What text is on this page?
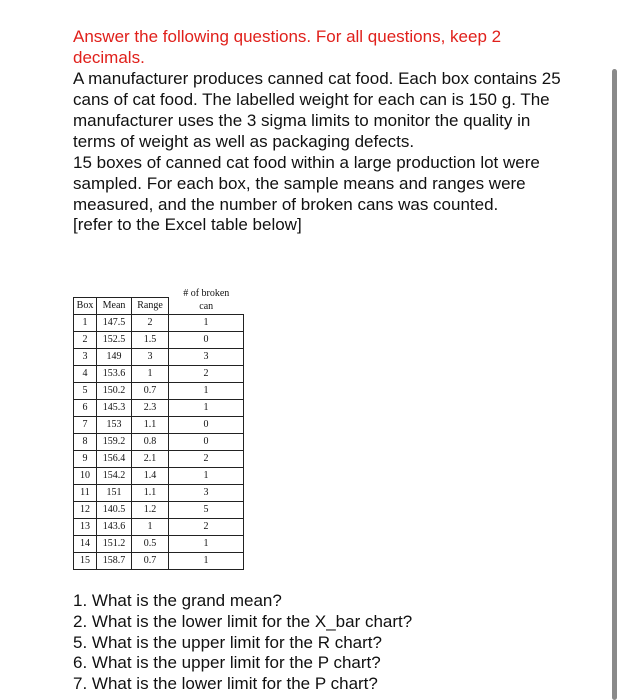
Answer the following questions. For all questions, keep 2 decimals.

A manufacturer produces canned cat food. Each box contains 25 cans of cat food. The labelled weight for each can is 150 g. The manufacturer uses the 3 sigma limits to monitor the quality in terms of weight as well as packaging defects.

15 boxes of canned cat food within a large production lot were sampled. For each box, the sample means and ranges were measured, and the number of broken cans was counted.

[refer to the Excel table below]

			# of broken
can
Box	Mean	Range	
1	147.5	2	1
2	152.5	1.5	0
3	149	3	3
4	153.6	1	2
5	150.2	0.7	1
6	145.3	2.3	1
7	153	1.1	0
8	159.2	0.8	0
9	156.4	2.1	2
10	154.2	1.4	1
11	151	1.1	3
12	140.5	1.2	5
13	143.6	1	2
14	151.2	0.5	1
15	158.7	0.7	1
1. What is the grand mean?
2. What is the lower limit for the X_bar chart?
5. What is the upper limit for the R chart?
6. What is the upper limit for the P chart?
7. What is the lower limit for the P chart?
